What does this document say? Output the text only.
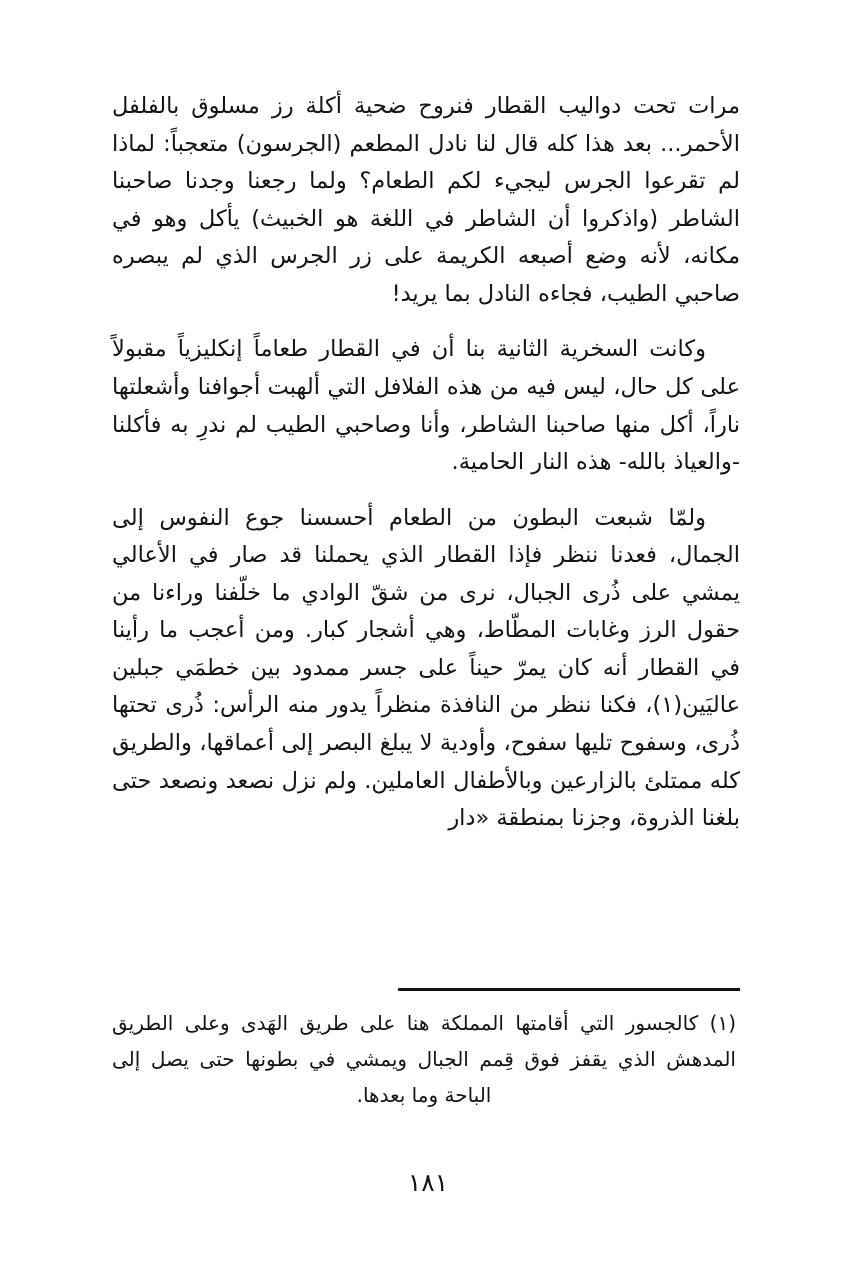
مرات تحت دواليب القطار فنروح ضحية أكلة رز مسلوق بالفلفل الأحمر... بعد هذا كله قال لنا نادل المطعم (الجرسون) متعجباً: لماذا لم تقرعوا الجرس ليجيء لكم الطعام؟ ولما رجعنا وجدنا صاحبنا الشاطر (واذكروا أن الشاطر في اللغة هو الخبيث) يأكل وهو في مكانه، لأنه وضع أصبعه الكريمة على زر الجرس الذي لم يبصره صاحبي الطيب، فجاءه النادل بما يريد!

وكانت السخرية الثانية بنا أن في القطار طعاماً إنكليزياً مقبولاً على كل حال، ليس فيه من هذه الفلافل التي ألهبت أجوافنا وأشعلتها ناراً، أكل منها صاحبنا الشاطر، وأنا وصاحبي الطيب لم ندرِ به فأكلنا -والعياذ بالله- هذه النار الحامية.

ولمّا شبعت البطون من الطعام أحسسنا جوع النفوس إلى الجمال، فعدنا ننظر فإذا القطار الذي يحملنا قد صار في الأعالي يمشي على ذُرى الجبال، نرى من شقّ الوادي ما خلّفنا وراءنا من حقول الرز وغابات المطّاط، وهي أشجار كبار. ومن أعجب ما رأينا في القطار أنه كان يمرّ حيناً على جسر ممدود بين خطمَي جبلين عاليَين(١)، فكنا ننظر من النافذة منظراً يدور منه الرأس: ذُرى تحتها ذُرى، وسفوح تليها سفوح، وأودية لا يبلغ البصر إلى أعماقها، والطريق كله ممتلئ بالزارعين وبالأطفال العاملين. ولم نزل نصعد ونصعد حتى بلغنا الذروة، وجزنا بمنطقة «دار

(١) كالجسور التي أقامتها المملكة هنا على طريق الهَدى وعلى الطريق المدهش الذي يقفز فوق قِمم الجبال ويمشي في بطونها حتى يصل إلى الباحة وما بعدها.

١٨١
